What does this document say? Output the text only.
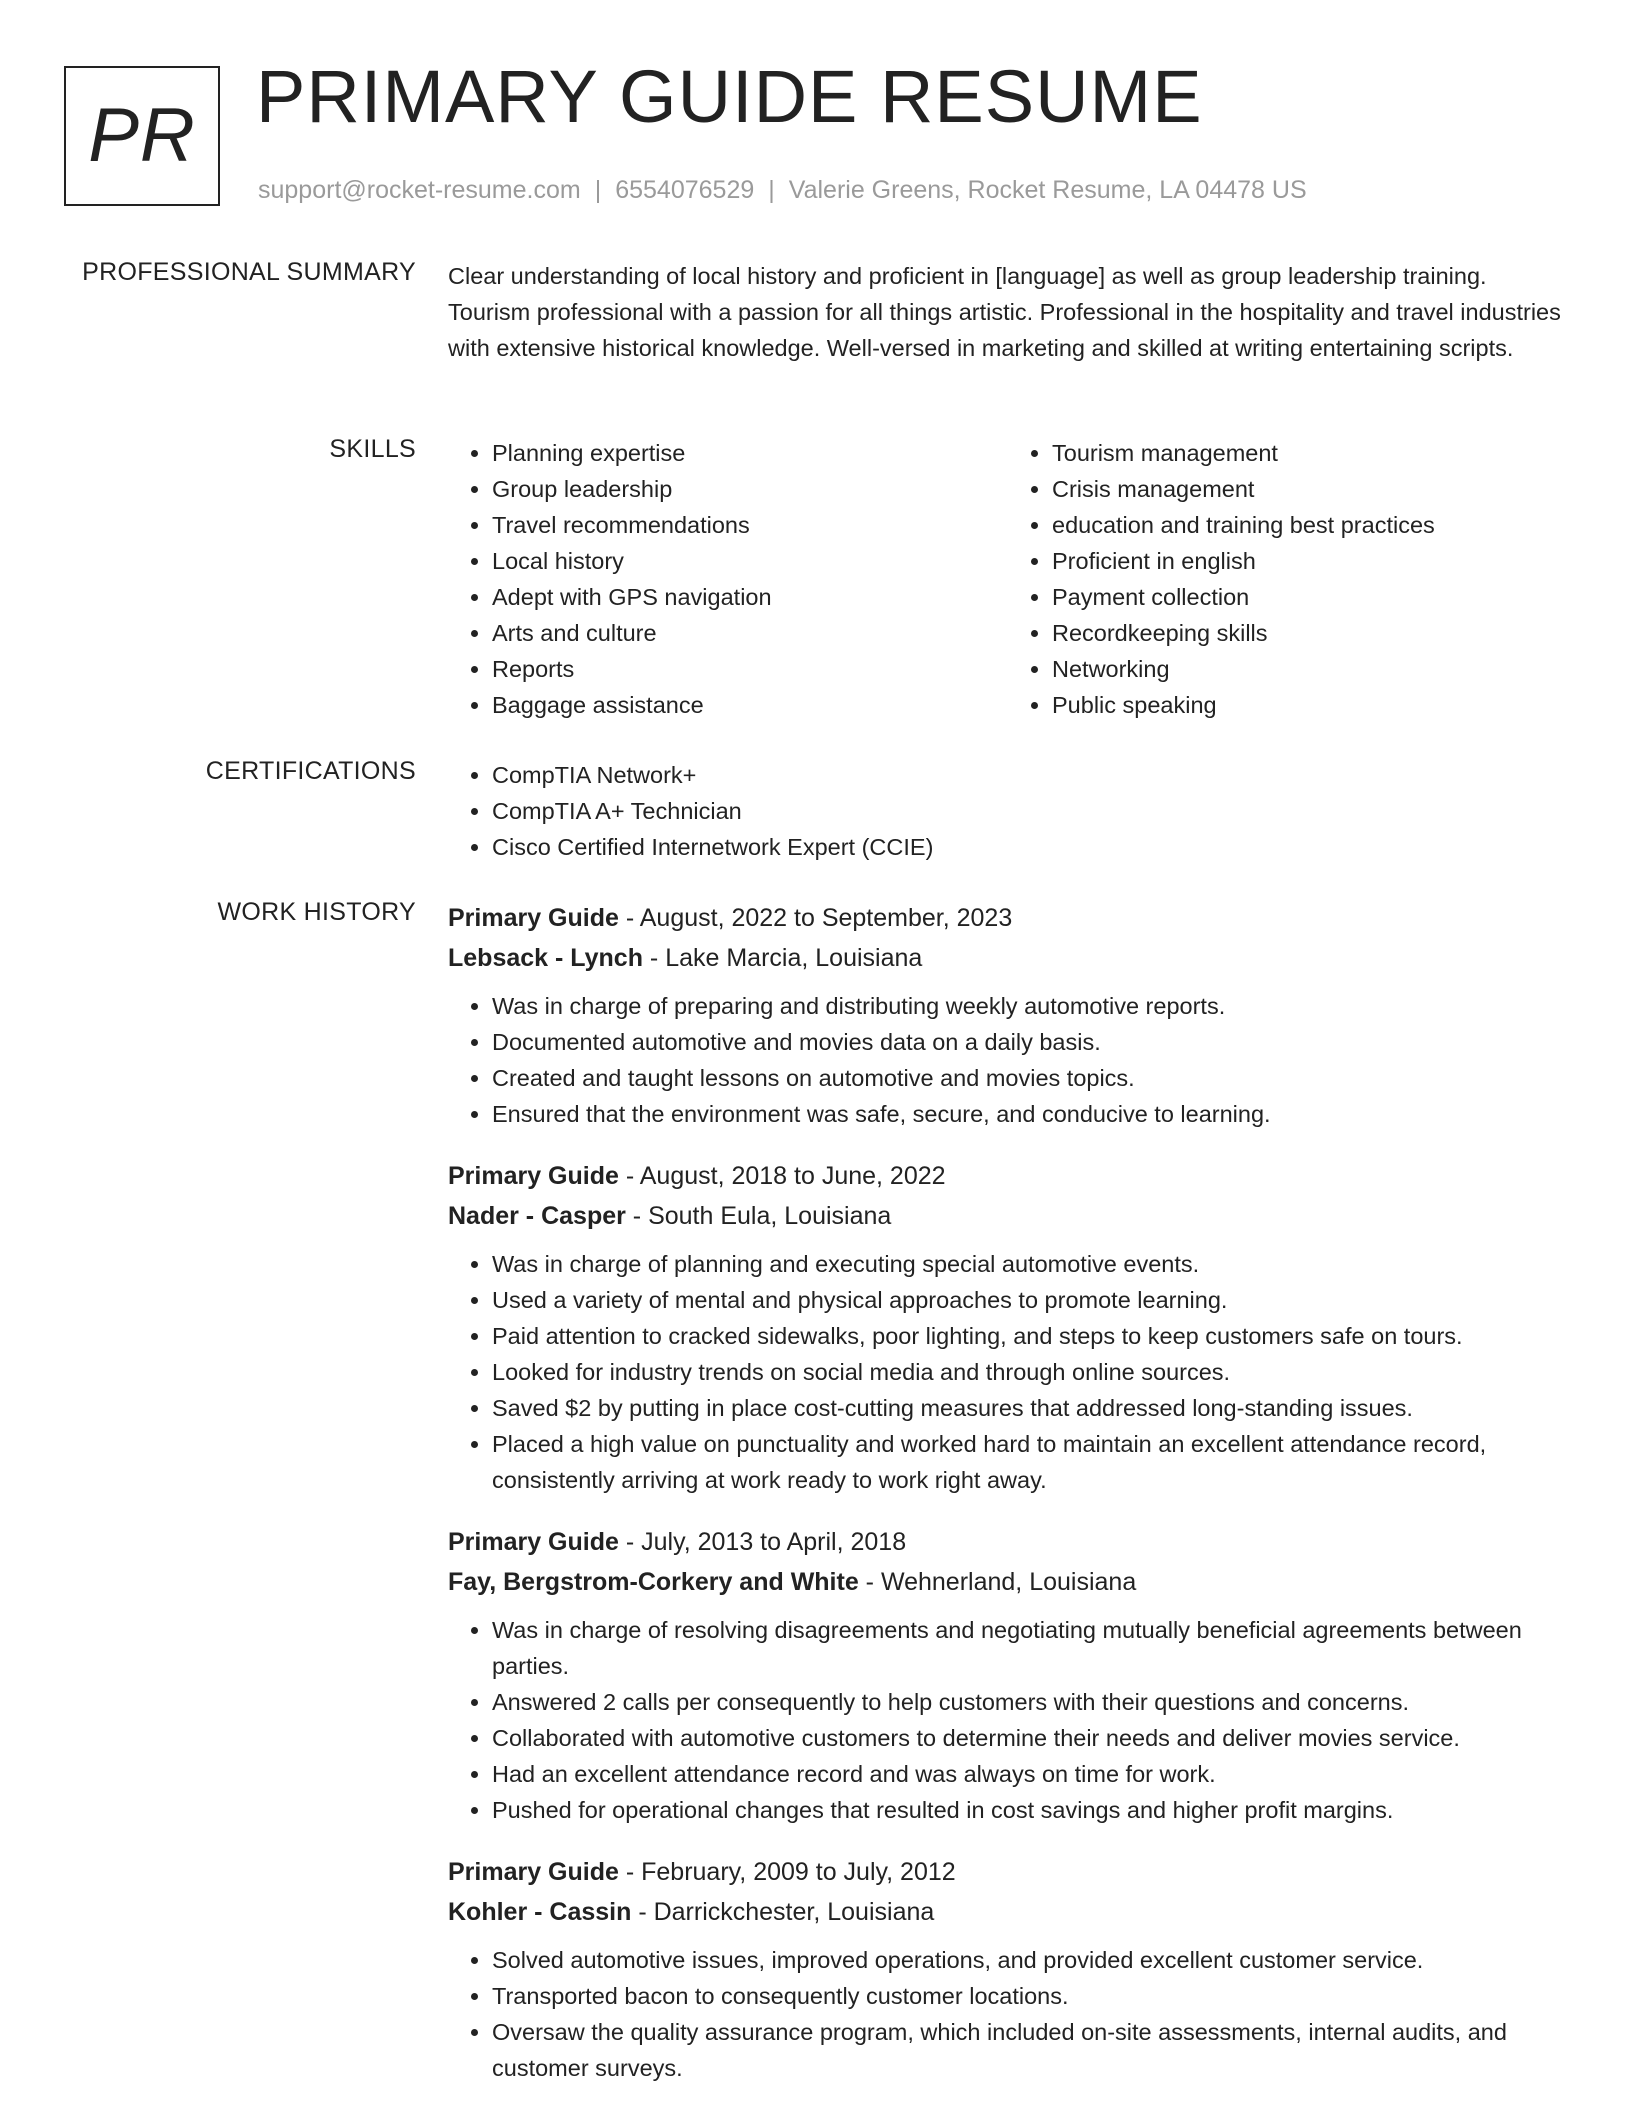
PR PRIMARY GUIDE RESUME
support@rocket-resume.com | 6554076529 | Valerie Greens, Rocket Resume, LA 04478 US
PROFESSIONAL SUMMARY Clear understanding of local history and proficient in [language] as well as group leadership training. Tourism professional with a passion for all things artistic. Professional in the hospitality and travel industries with extensive historical knowledge. Well-versed in marketing and skilled at writing entertaining scripts.

SKILLS	• Planning expertise
• Group leadership
• Travel recommendations
• Local history
• Adept with GPS navigation
• Arts and culture
• Reports
• Baggage assistance
• Tourism management
• Crisis management
• education and training best practices
• Proficient in english
• Payment collection
• Recordkeeping skills
• Networking
• Public speaking
CERTIFICATIONS	• CompTIA Network+
• CompTIA A+ Technician
• Cisco Certified Internetwork Expert (CCIE)
WORK HISTORY Primary Guide - August, 2022 to September, 2023
Lebsack - Lynch - Lake Marcia, Louisiana
• Was in charge of preparing and distributing weekly automotive reports.
• Documented automotive and movies data on a daily basis.
• Created and taught lessons on automotive and movies topics.
• Ensured that the environment was safe, secure, and conducive to learning.
Primary Guide - August, 2018 to June, 2022
Nader - Casper - South Eula, Louisiana
• Was in charge of planning and executing special automotive events.
• Used a variety of mental and physical approaches to promote learning.
• Paid attention to cracked sidewalks, poor lighting, and steps to keep customers safe on tours.
• Looked for industry trends on social media and through online sources.
• Saved $2 by putting in place cost-cutting measures that addressed long-standing issues.
• Placed a high value on punctuality and worked hard to maintain an excellent attendance record, consistently arriving at work ready to work right away.
Primary Guide - July, 2013 to April, 2018
Fay, Bergstrom-Corkery and White - Wehnerland, Louisiana
• Was in charge of resolving disagreements and negotiating mutually beneficial agreements between parties.
• Answered 2 calls per consequently to help customers with their questions and concerns.
• Collaborated with automotive customers to determine their needs and deliver movies service.
• Had an excellent attendance record and was always on time for work.
• Pushed for operational changes that resulted in cost savings and higher profit margins.
Primary Guide - February, 2009 to July, 2012
Kohler - Cassin - Darrickchester, Louisiana
• Solved automotive issues, improved operations, and provided excellent customer service.
• Transported bacon to consequently customer locations.
• Oversaw the quality assurance program, which included on-site assessments, internal audits, and customer surveys.
